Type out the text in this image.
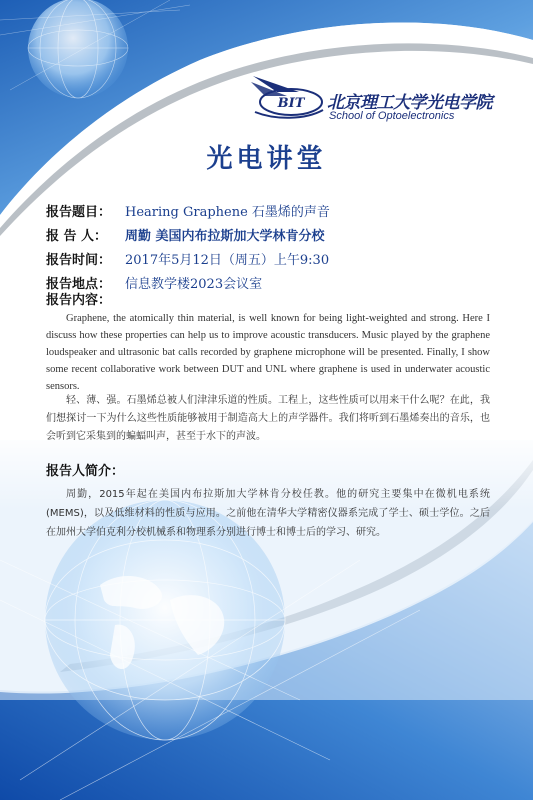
BIT 北京理工大学光电学院
School of Optoelectronics
光电讲堂
报告题目： Hearing Graphene 石墨烯的声音
报 告 人： 周勤 美国内布拉斯加大学林肯分校
报告时间： 2017年5月12日（周五）上午9:30
报告地点： 信息教学楼2023会议室
报告内容：

Graphene, the atomically thin material, is well known for being light-weighted and strong. Here I discuss how these properties can help us to improve acoustic transducers. Music played by the graphene loudspeaker and ultrasonic bat calls recorded by graphene microphone will be presented. Finally, I show some recent collaborative work between DUT and UNL where graphene is used in underwater acoustic sensors.

轻、薄、强。石墨烯总被人们津津乐道的性质。工程上，这些性质可以用来干什么呢？在此，我们想探讨一下为什么这些性质能够被用于制造高大上的声学器件。我们将听到石墨烯奏出的音乐，也会听到它采集到的蝙蝠叫声，甚至于水下的声波。

报告人简介：

周勤，2015年起在美国内布拉斯加大学林肯分校任教。他的研究主要集中在微机电系统(MEMS)，以及低维材料的性质与应用。之前他在清华大学精密仪器系完成了学士、硕士学位。之后在加州大学伯克利分校机械系和物理系分别进行博士和博士后的学习、研究。
